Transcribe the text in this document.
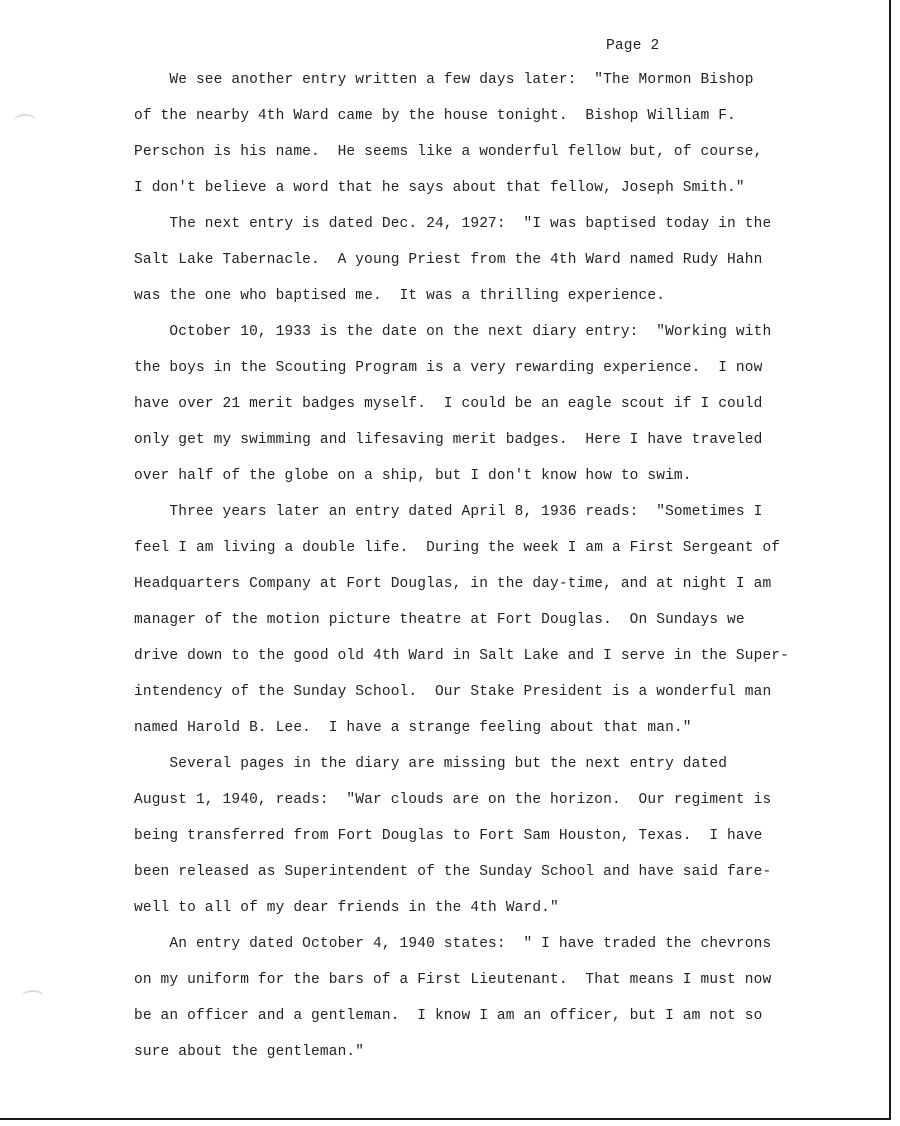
Page 2
We see another entry written a few days later:  "The Mormon Bishop
of the nearby 4th Ward came by the house tonight.  Bishop William F.
Perschon is his name.  He seems like a wonderful fellow but, of course,
I don't believe a word that he says about that fellow, Joseph Smith."
The next entry is dated Dec. 24, 1927:  "I was baptised today in the
Salt Lake Tabernacle.  A young Priest from the 4th Ward named Rudy Hahn
was the one who baptised me.  It was a thrilling experience.
October 10, 1933 is the date on the next diary entry:  "Working with
the boys in the Scouting Program is a very rewarding experience.  I now
have over 21 merit badges myself.  I could be an eagle scout if I could
only get my swimming and lifesaving merit badges.  Here I have traveled
over half of the globe on a ship, but I don't know how to swim.
Three years later an entry dated April 8, 1936 reads:  "Sometimes I
feel I am living a double life.  During the week I am a First Sergeant of
Headquarters Company at Fort Douglas, in the day-time, and at night I am
manager of the motion picture theatre at Fort Douglas.  On Sundays we
drive down to the good old 4th Ward in Salt Lake and I serve in the Super-
intendency of the Sunday School.  Our Stake President is a wonderful man
named Harold B. Lee.  I have a strange feeling about that man."
Several pages in the diary are missing but the next entry dated
August 1, 1940, reads:  "War clouds are on the horizon.  Our regiment is
being transferred from Fort Douglas to Fort Sam Houston, Texas.  I have
been released as Superintendent of the Sunday School and have said fare-
well to all of my dear friends in the 4th Ward."
An entry dated October 4, 1940 states:  " I have traded the chevrons
on my uniform for the bars of a First Lieutenant.  That means I must now
be an officer and a gentleman.  I know I am an officer, but I am not so
sure about the gentleman."
